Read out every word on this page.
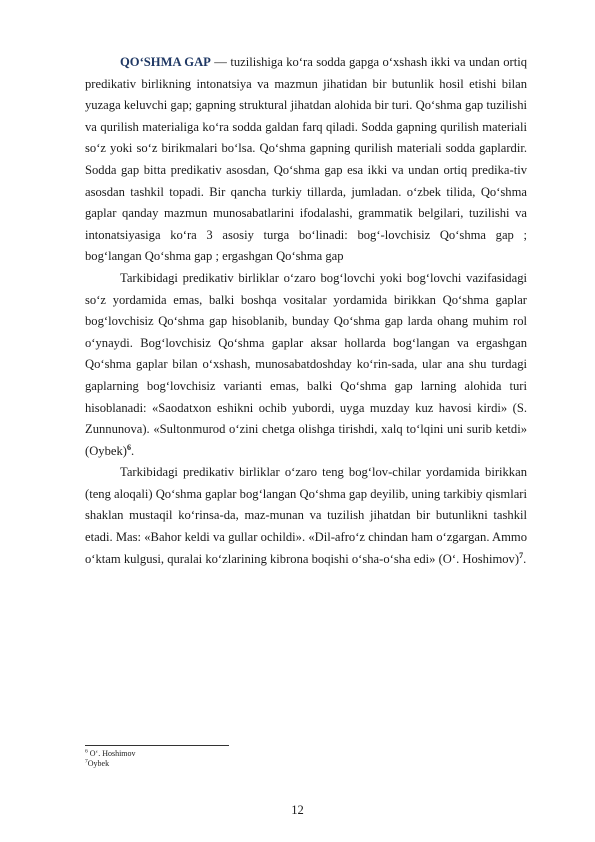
QO‘SHMA GAP — tuzilishiga ko‘ra sodda gapga o‘xshash ikki va undan ortiq predikativ birlikning intonatsiya va mazmun jihatidan bir butunlik hosil etishi bilan yuzaga keluvchi gap; gapning struktural jihatdan alohida bir turi. Qo‘shma gap tuzilishi va qurilish materialiga ko‘ra sodda galdan farq qiladi. Sodda gapning qurilish materiali so‘z yoki so‘z birikmalari bo‘lsa. Qo‘shma gapning qurilish materiali sodda gaplardir. Sodda gap bitta predikativ asosdan, Qo‘shma gap esa ikki va undan ortiq predika-tiv asosdan tashkil topadi. Bir qancha turkiy tillarda, jumladan. o‘zbek tilida, Qo‘shma gaplar qanday mazmun munosabatlarini ifodalashi, grammatik belgilari, tuzilishi va intonatsiyasiga ko‘ra 3 asosiy turga bo‘linadi: bog‘-lovchisiz Qo‘shma gap ; bog‘langan Qo‘shma gap ; ergashgan Qo‘shma gap

Tarkibidagi predikativ birliklar o‘zaro bog‘lovchi yoki bog‘lovchi vazifasidagi so‘z yordamida emas, balki boshqa vositalar yordamida birikkan Qo‘shma gaplar bog‘lovchisiz Qo‘shma gap hisoblanib, bunday Qo‘shma gap larda ohang muhim rol o‘ynaydi. Bog‘lovchisiz Qo‘shma gaplar aksar hollarda bog‘langan va ergashgan Qo‘shma gaplar bilan o‘xshash, munosabatdoshday ko‘rin-sada, ular ana shu turdagi gaplarning bog‘lovchisiz varianti emas, balki Qo‘shma gap larning alohida turi hisoblanadi: «Saodatxon eshikni ochib yubordi, uyga muzday kuz havosi kirdi» (S. Zunnunova). «Sultonmurod o‘zini chetga olishga tirishdi, xalq to‘lqini uni surib ketdi» (Oybek)$^6$.

Tarkibidagi predikativ birliklar o‘zaro teng bog‘lov-chilar yordamida birikkan (teng aloqali) Qo‘shma gaplar bog‘langan Qo‘shma gap deyilib, uning tarkibiy qismlari shaklan mustaqil ko‘rinsa-da, maz-munan va tuzilish jihatdan bir butunlikni tashkil etadi. Mas: «Bahor keldi va gullar ochildi». «Dil-afro‘z chindan ham o‘zgargan. Ammo o‘ktam kulgusi, quralai ko‘zlarining kibrona boqishi o‘sha-o‘sha edi» (O‘. Hoshimov)$^7$.

$^6$ O‘. Hoshimov
$^7$Oybek
12
